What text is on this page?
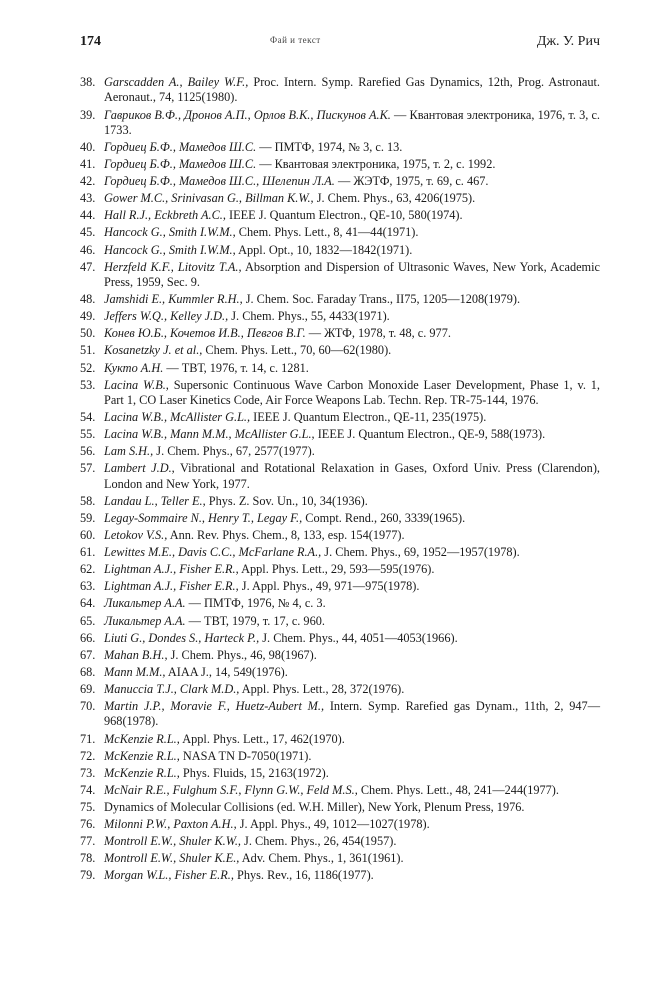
174	Фай и текст	Дж. У. Рич
38. Garscadden A., Bailey W.F., Proc. Intern. Symp. Rarefied Gas Dynamics, 12th, Prog. Astronaut. Aeronaut., 74, 1125(1980).
39. Гавриков В.Ф., Дронов А.П., Орлов В.К., Пискунов А.К. — Квантовая электроника, 1976, т. 3, с. 1733.
40. Гордиец Б.Ф., Мамедов Ш.С. — ПМТФ, 1974, № 3, с. 13.
41. Гордиец Б.Ф., Мамедов Ш.С. — Квантовая электроника, 1975, т. 2, с. 1992.
42. Гордиец Б.Ф., Мамедов Ш.С., Шелепин Л.А. — ЖЭТФ, 1975, т. 69, с. 467.
43. Gower M.C., Srinivasan G., Billman K.W., J. Chem. Phys., 63, 4206(1975).
44. Hall R.J., Eckbreth A.C., IEEE J. Quantum Electron., QE-10, 580(1974).
45. Hancock G., Smith I.W.M., Chem. Phys. Lett., 8, 41—44(1971).
46. Hancock G., Smith I.W.M., Appl. Opt., 10, 1832—1842(1971).
47. Herzfeld K.F., Litovitz T.A., Absorption and Dispersion of Ultrasonic Waves, New York, Academic Press, 1959, Sec. 9.
48. Jamshidi E., Kummler R.H., J. Chem. Soc. Faraday Trans., II75, 1205—1208(1979).
49. Jeffers W.Q., Kelley J.D., J. Chem. Phys., 55, 4433(1971).
50. Конев Ю.Б., Кочетов И.В., Певгов В.Г. — ЖТФ, 1978, т. 48, с. 977.
51. Kosanetzky J. et al., Chem. Phys. Lett., 70, 60—62(1980).
52. Кукто А.Н. — ТВТ, 1976, т. 14, с. 1281.
53. Lacina W.B., Supersonic Continuous Wave Carbon Monoxide Laser Development, Phase 1, v. 1, Part 1, CO Laser Kinetics Code, Air Force Weapons Lab. Techn. Rep. TR-75-144, 1976.
54. Lacina W.B., McAllister G.L., IEEE J. Quantum Electron., QE-11, 235(1975).
55. Lacina W.B., Mann M.M., McAllister G.L., IEEE J. Quantum Electron., QE-9, 588(1973).
56. Lam S.H., J. Chem. Phys., 67, 2577(1977).
57. Lambert J.D., Vibrational and Rotational Relaxation in Gases, Oxford Univ. Press (Clarendon), London and New York, 1977.
58. Landau L., Teller E., Phys. Z. Sov. Un., 10, 34(1936).
59. Legay-Sommaire N., Henry T., Legay F., Compt. Rend., 260, 3339(1965).
60. Letokov V.S., Ann. Rev. Phys. Chem., 8, 133, esp. 154(1977).
61. Lewittes M.E., Davis C.C., McFarlane R.A., J. Chem. Phys., 69, 1952—1957(1978).
62. Lightman A.J., Fisher E.R., Appl. Phys. Lett., 29, 593—595(1976).
63. Lightman A.J., Fisher E.R., J. Appl. Phys., 49, 971—975(1978).
64. Ликальтер А.А. — ПМТФ, 1976, № 4, с. 3.
65. Ликальтер А.А. — ТВТ, 1979, т. 17, с. 960.
66. Liuti G., Dondes S., Harteck P., J. Chem. Phys., 44, 4051—4053(1966).
67. Mahan B.H., J. Chem. Phys., 46, 98(1967).
68. Mann M.M., AIAA J., 14, 549(1976).
69. Manuccia T.J., Clark M.D., Appl. Phys. Lett., 28, 372(1976).
70. Martin J.P., Moravie F., Huetz-Aubert M., Intern. Symp. Rarefied gas Dynam., 11th, 2, 947—968(1978).
71. McKenzie R.L., Appl. Phys. Lett., 17, 462(1970).
72. McKenzie R.L., NASA TN D-7050(1971).
73. McKenzie R.L., Phys. Fluids, 15, 2163(1972).
74. McNair R.E., Fulghum S.F., Flynn G.W., Feld M.S., Chem. Phys. Lett., 48, 241—244(1977).
75. Dynamics of Molecular Collisions (ed. W.H. Miller), New York, Plenum Press, 1976.
76. Milonni P.W., Paxton A.H., J. Appl. Phys., 49, 1012—1027(1978).
77. Montroll E.W., Shuler K.W., J. Chem. Phys., 26, 454(1957).
78. Montroll E.W., Shuler K.E., Adv. Chem. Phys., 1, 361(1961).
79. Morgan W.L., Fisher E.R., Phys. Rev., 16, 1186(1977).
